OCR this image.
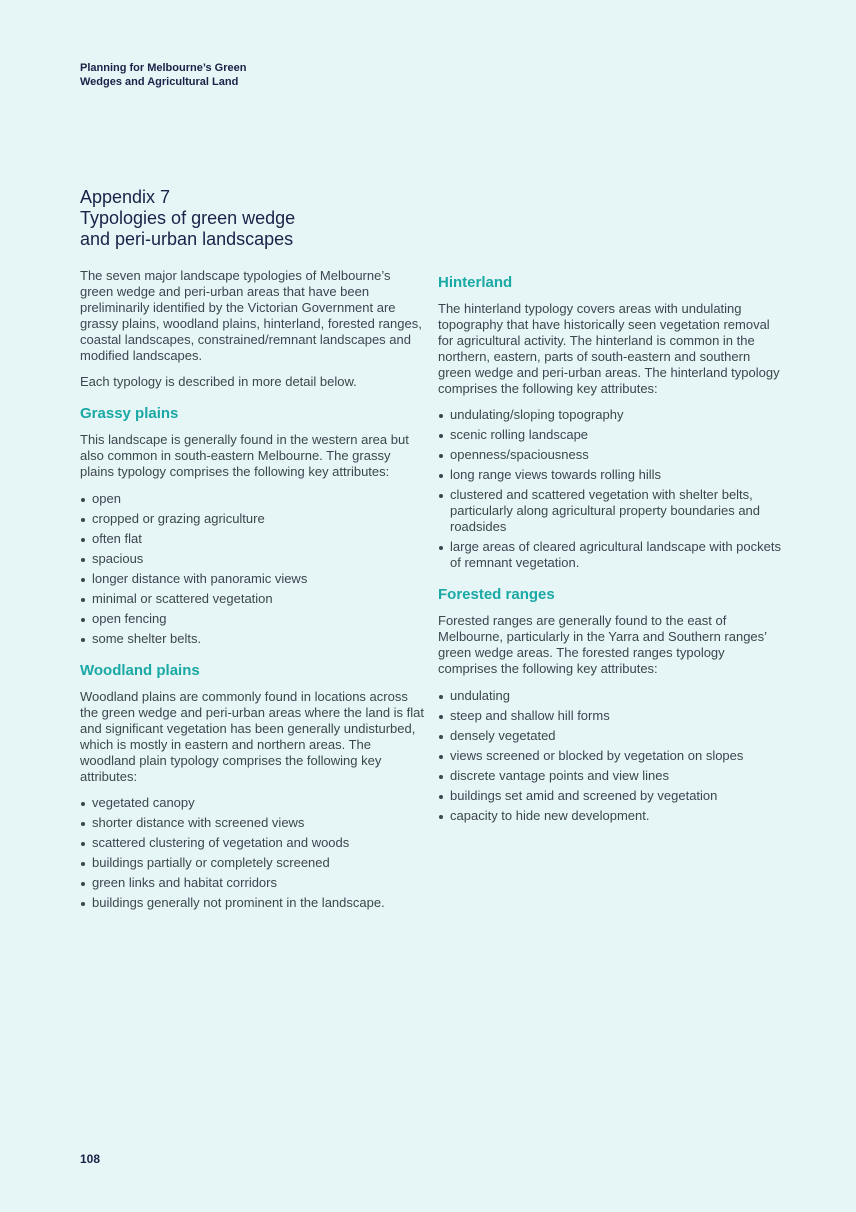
Planning for Melbourne’s Green
Wedges and Agricultural Land
Appendix 7
Typologies of green wedge
and peri-urban landscapes

The seven major landscape typologies of Melbourne’s green wedge and peri-urban areas that have been preliminarily identified by the Victorian Government are grassy plains, woodland plains, hinterland, forested ranges, coastal landscapes, constrained/remnant landscapes and modified landscapes.

Each typology is described in more detail below.

Grassy plains

This landscape is generally found in the western area but also common in south-eastern Melbourne. The grassy plains typology comprises the following key attributes:

open
cropped or grazing agriculture
often flat
spacious
longer distance with panoramic views
minimal or scattered vegetation
open fencing
some shelter belts.
Woodland plains

Woodland plains are commonly found in locations across the green wedge and peri-urban areas where the land is flat and significant vegetation has been generally undisturbed, which is mostly in eastern and northern areas. The woodland plain typology comprises the following key attributes:

vegetated canopy
shorter distance with screened views
scattered clustering of vegetation and woods
buildings partially or completely screened
green links and habitat corridors
buildings generally not prominent in the landscape.
Hinterland

The hinterland typology covers areas with undulating topography that have historically seen vegetation removal for agricultural activity. The hinterland is common in the northern, eastern, parts of south-eastern and southern green wedge and peri-urban areas. The hinterland typology comprises the following key attributes:

undulating/sloping topography
scenic rolling landscape
openness/spaciousness
long range views towards rolling hills
clustered and scattered vegetation with shelter belts, particularly along agricultural property boundaries and roadsides
large areas of cleared agricultural landscape with pockets of remnant vegetation.
Forested ranges

Forested ranges are generally found to the east of Melbourne, particularly in the Yarra and Southern ranges’ green wedge areas. The forested ranges typology comprises the following key attributes:

undulating
steep and shallow hill forms
densely vegetated
views screened or blocked by vegetation on slopes
discrete vantage points and view lines
buildings set amid and screened by vegetation
capacity to hide new development.
108
